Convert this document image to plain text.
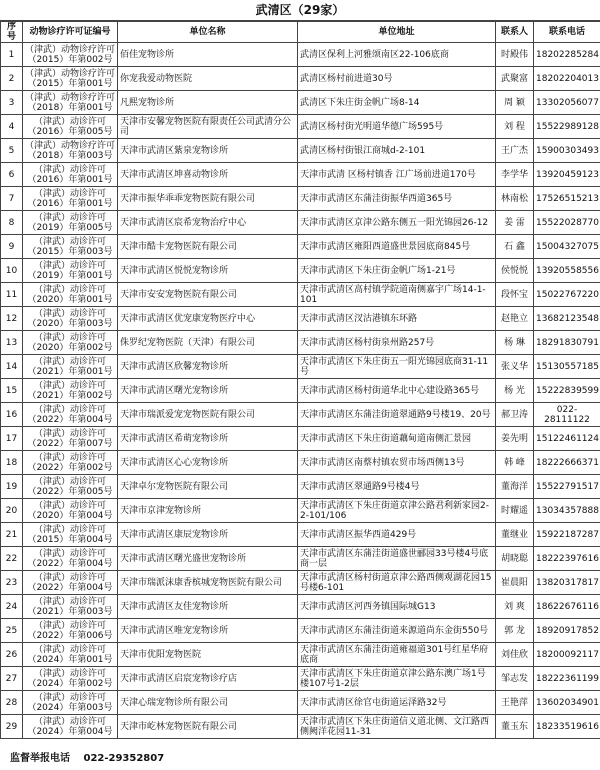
武清区（29家）
序号	动物诊疗许可证编号	单位名称	单位地址	联系人	联系电话
1	（津武）动物诊疗许可（2015）年第002号	佰佳宠物诊所	武清区保利上河雅颂南区22-106底商	时殿伟	18202285284
2	（津武）动物诊疗许可（2015）年第001号	你宠我爱动物医院	武清区杨村前进道30号	武聚富	18202204013
3	（津武）动物诊疗许可（2018）年第001号	凡熙宠物诊所	武清区下朱庄街金帆广场8-14	周 颖	13302056077
4	（津武）动诊许可（2016）年第005号	天津市安馨宠物医院有限责任公司武清分公司	武清区杨村街光明道华德广场595号	刘 程	15522989128
5	（津武）动物诊疗许可（2018）年第003号	天津市武清区紫泉宠物诊所	武清区杨村街银江商城d-2-101	王广杰	15900303493
6	（津武）动诊许可（2016）年第001号	天津市武清区坤喜动物诊所	天津市武清 区杨村镇香 江广场前进道170号	李学华	13920459123
7	（津武）动诊许可（2016）年第001号	天津市振华乖乖宠物医院有限公司	天津市武清区东蒲洼街振华西道365号	林南松	17526515213
8	（津武）动诊许可（2019）年第005号	天津市武清区宸希宠物治疗中心	天津市武清区京津公路东侧五一阳光锦园26-12	姜 雷	15522028770
9	（津武）动诊许可（2015）年第003号	天津市酷卡宠物医院有限公司	天津市武清区雍阳西道盛世景园底商845号	石 鑫	15004327075
10	（津武）动诊许可（2019）年第001号	天津市武清区悦悦宠物诊所	天津市武清区下朱庄街金帆广场1-21号	侯悦悦	13920558556
11	（津武）动诊许可（2020）年第001号	天津市安安宠物医院有限公司	天津市武清区高村镇学院道南侧嘉宇广场14-1-101	段怀宝	15022767220
12	（津武）动诊许可（2020）年第003号	天津市武清区优宠康宠物医疗中心	天津市武清区汊沽港镇东环路	赵艳立	13682123548
13	（津武）动诊许可（2020）年第002号	侏罗纪宠物医院（天津）有限公司	天津市武清区杨村街泉州路257号	杨 琳	18291830791
14	（津武）动诊许可（2021）年第001号	天津市武清区欣馨宠物诊所	天津市武清区下朱庄街五一阳光锦园底商31-11号	张义华	15130557185
15	（津武）动诊许可（2021）年第002号	天津市武清区曙光宠物诊所	天津市武清区杨村街道华北中心建设路365号	杨 光	15222839599
16	（津武）动诊许可（2022）年第004号	天津市瑞派爱宠宠物医院有限公司	天津市武清区东蒲洼街道翠通路9号楼19、20号	郝卫涛	022-28111122
17	（津武）动诊许可（2022）年第007号	天津市武清区希萌宠物诊所	天津市武清区下朱庄街道藕甸道南侧汇景园	姜先明	15122461124
18	（津武）动诊许可（2022）年第002号	天津市武清区心心宠物诊所	天津市武清区南蔡村镇农贸市场西侧13号	韩 峰	18222666371
19	（津武）动诊许可（2022）年第005号	天津卓尔宠物医院有限公司	天津市武清区翠通路9号楼4号	董海洋	15522791517
20	（津武）动诊许可（2020）年第004号	天津市京津宠物诊所	天津市武清区下朱庄街道京津公路君利新家园2-2-101/106	时耀遥	13034357888
21	（津武）动诊许可（2015）年第004号	天津市武清区康辰宠物诊所	天津市武清区振华西道429号	董继业	15922187287
22	（津武）动诊许可（2022）年第004号	天津市武清区曙光盛世宠物诊所	天津市武清区东蒲洼街道盛世郦园33号楼4号底商一层	胡晓聪	18222397616
23	（津武）动诊许可（2022）年第004号	天津市瑞派沫康香槟城宠物医院有限公司	天津市武清区杨村街道京津公路西侧观湖花园15号楼6-101	崔晨阳	13820317817
24	（津武）动诊许可（2021）年第003号	天津市武清区友佳宠物诊所	天津市武清区河西务镇国际城G13	刘 爽	18622676116
25	（津武）动诊许可（2022）年第006号	天津市武清区唯宠宠物诊所	天津市武清区东蒲洼街道来源道尚东金街550号	郭 龙	18920917852
26	（津武）动诊许可（2024）年第001号	天津市优阳宠物医院	天津市武清区东蒲洼街道雍福道301号红星华府底商	刘佳欣	18200092117
27	（津武）动诊许可（2024）年第002号	天津市武清区启宸宠物诊疗店	天津市武清区下朱庄街道京津公路东澳广场1号楼107号1-2层	邹志发	18222361199
28	（津武）动诊许可（2024）年第003号	天津心瑞宠物诊所有限公司	天津市武清区徐官屯街道运泽路32号	王艳萍	13602034901
29	（津武）动诊许可（2024）年第004号	天津市屹林宠物医院有限公司	天津市武清区下朱庄街道信义道北侧、文江路西侧阙洋花园11-31	董玉东	18233519616
监督举报电话 022-29352807
